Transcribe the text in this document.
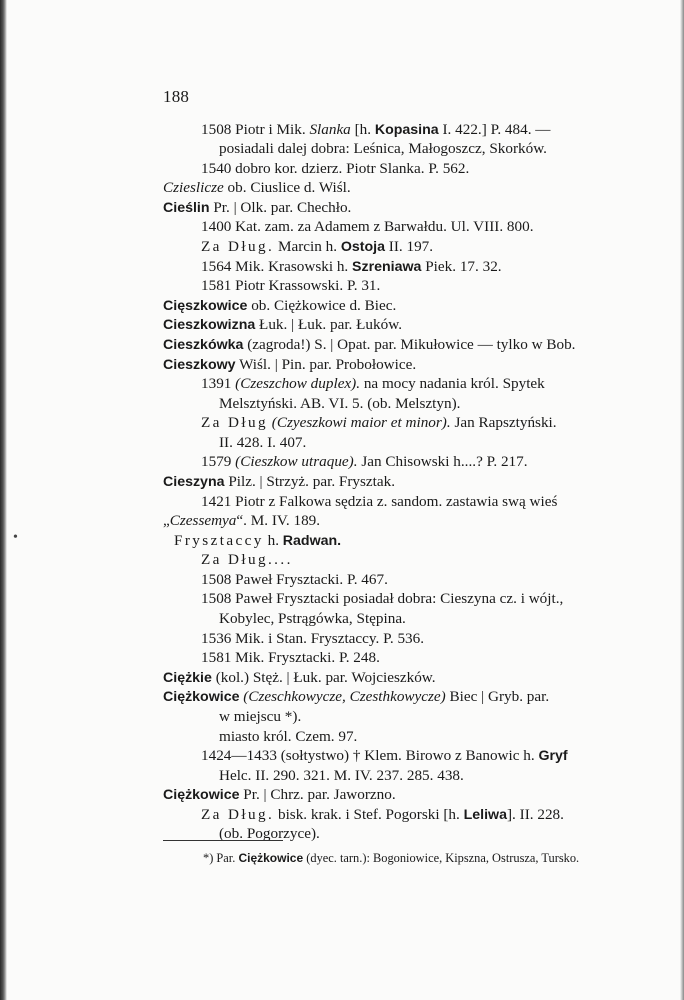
188
•
1508 Piotr i Mik. Slanka [h. Kopasina I. 422.] P. 484. —
posiadali dalej dobra: Leśnica, Małogoszcz, Skorków.
1540 dobro kor. dzierz. Piotr Slanka. P. 562.
Czieslicze ob. Ciuslice d. Wiśl.
Cieślin Pr. | Olk. par. Chechło.
1400 Kat. zam. za Adamem z Barwałdu. Ul. VIII. 800.
Za Dług. Marcin h. Ostoja II. 197.
1564 Mik. Krasowski h. Szreniawa Piek. 17. 32.
1581 Piotr Krassowski. P. 31.
Cięszkowice ob. Ciężkowice d. Biec.
Cieszkowizna Łuk. | Łuk. par. Łuków.
Cieszkówka (zagroda!) S. | Opat. par. Mikułowice — tylko w Bob.
Cieszkowy Wiśl. | Pin. par. Probołowice.
1391 (Czeszchow duplex). na mocy nadania król. Spytek
Melsztyński. AB. VI. 5. (ob. Melsztyn).
Za Dług (Czyeszkowi maior et minor). Jan Rapsztyński.
II. 428. I. 407.
1579 (Cieszkow utraque). Jan Chisowski h....? P. 217.
Cieszyna Pilz. | Strzyż. par. Frysztak.
1421 Piotr z Falkowa sędzia z. sandom. zastawia swą wieś
„Czessemya“. M. IV. 189.
Frysztaccy h. Radwan.
Za Dług....
1508 Paweł Frysztacki. P. 467.
1508 Paweł Frysztacki posiadał dobra: Cieszyna cz. i wójt.,
Kobylec, Pstrągówka, Stępina.
1536 Mik. i Stan. Frysztaccy. P. 536.
1581 Mik. Frysztacki. P. 248.
Ciężkie (kol.) Stęż. | Łuk. par. Wojcieszków.
Ciężkowice (Czeschkowycze, Czesthkowycze) Biec | Gryb. par.
w miejscu *).
miasto król. Czem. 97.
1424—1433 (sołtystwo) † Klem. Birowo z Banowic h. Gryf
Helc. II. 290. 321. M. IV. 237. 285. 438.
Ciężkowice Pr. | Chrz. par. Jaworzno.
Za Dług. bisk. krak. i Stef. Pogorski [h. Leliwa]. II. 228.
(ob. Pogorzyce).
*) Par. Ciężkowice (dyec. tarn.): Bogoniowice, Kipszna, Ostrusza, Tursko.
